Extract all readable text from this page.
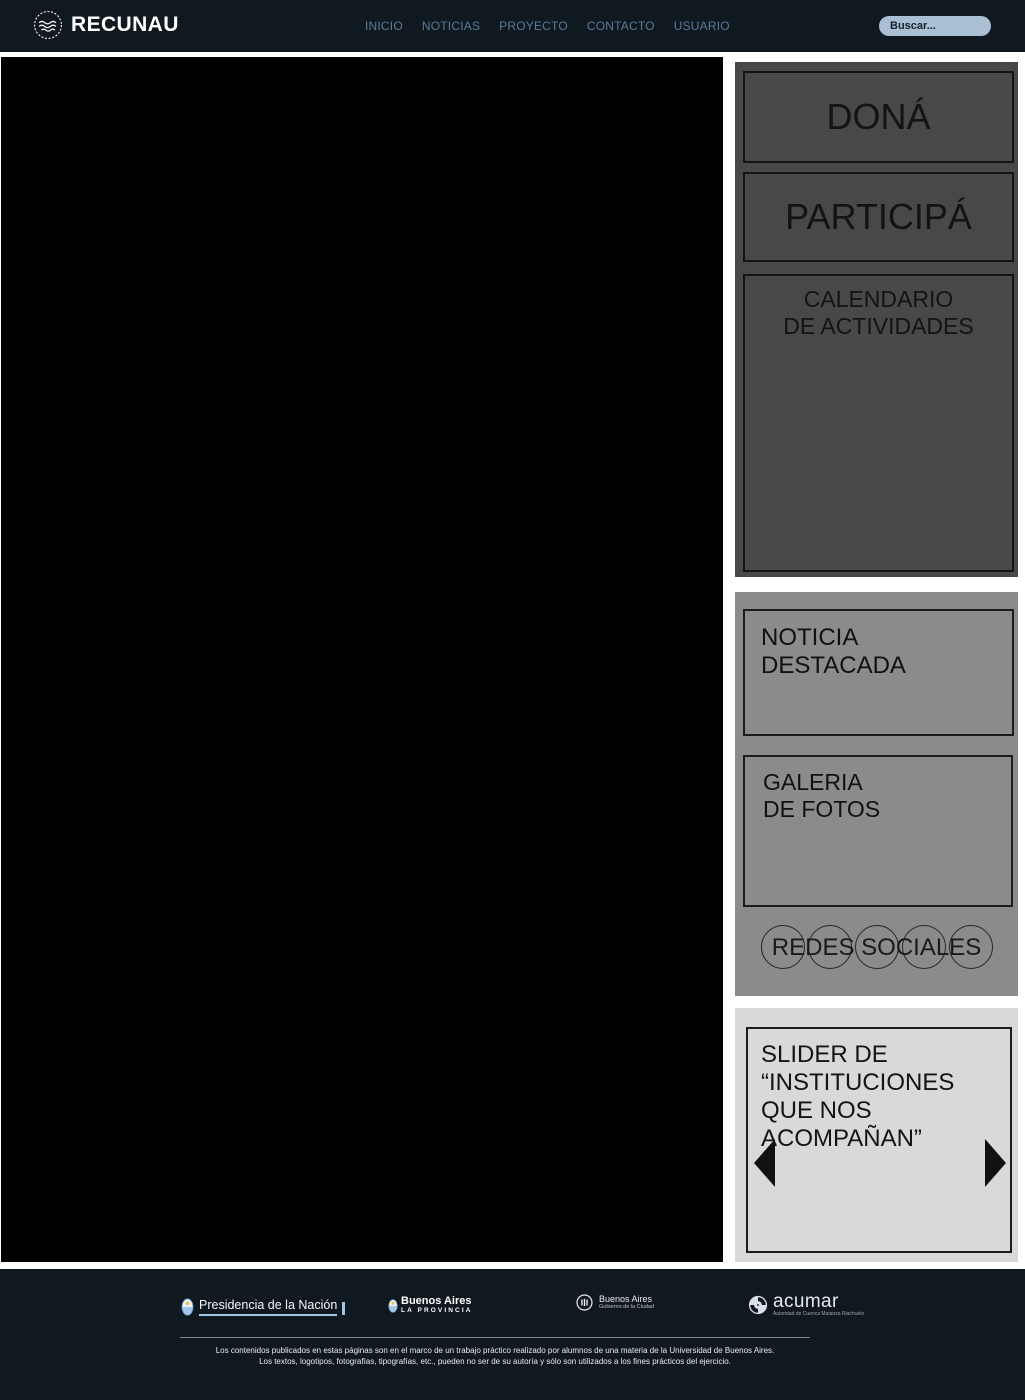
RECUNAU	INICIO NOTICIAS PROYECTO CONTACTO USUARIO
Buscar...
DONÁ
PARTICIPÁ
CALENDARIO
DE ACTIVIDADES
NOTICIA DESTACADA
GALERIA
DE FOTOS
REDES SOCIALES
SLIDER DE “INSTITUCIONES
QUE NOS ACOMPAÑAN”
Presidencia de la Nación	Buenos Aires
LA PROVINCIA
Buenos Aires
Gobierno de la Ciudad	acumar
Autoridad de Cuenca Matanza Riachuelo
Los contenidos publicados en estas páginas son en el marco de un trabajo práctico realizado por alumnos de una materia de la Universidad de Buenos Aires.
Los textos, logotipos, fotografías, tipografías, etc., pueden no ser de su autoría y sólo son utilizados a los fines prácticos del ejercicio.
